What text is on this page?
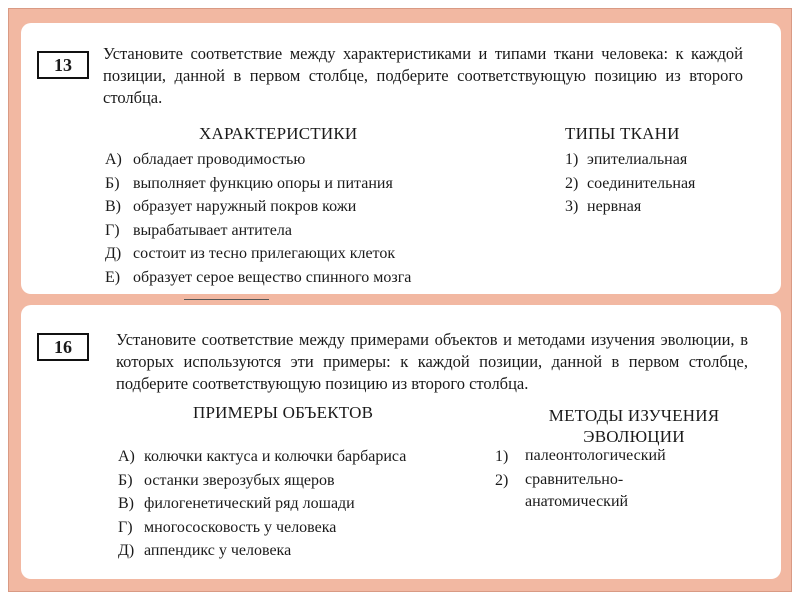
13

Установите соответствие между характеристиками и типами ткани человека: к каждой позиции, данной в первом столбце, подберите соответствующую позицию из второго столбца.

ХАРАКТЕРИСТИКИ	ТИПЫ ТКАНИ
А) обладает проводимостью
Б) выполняет функцию опоры и питания
В) образует наружный покров кожи
Г) вырабатывает антитела
Д) состоит из тесно прилегающих клеток
Е) образует серое вещество спинного мозга
1) эпителиальная
2) соединительная
3) нервная
16	Установите соответствие между примерами объектов и методами изучения эволюции, в которых используются эти примеры: к каждой позиции, данной в первом столбце, подберите соответствующую позицию из второго столбца.

ПРИМЕРЫ ОБЪЕКТОВ	МЕТОДЫ ИЗУЧЕНИЯ
ЭВОЛЮЦИИ
А) колючки кактуса и колючки барбариса
Б) останки зверозубых ящеров
В) филогенетический ряд лошади
Г) многососковость у человека
Д) аппендикс у человека
1)	палеонтологический
2)	сравнительно-анатомический
